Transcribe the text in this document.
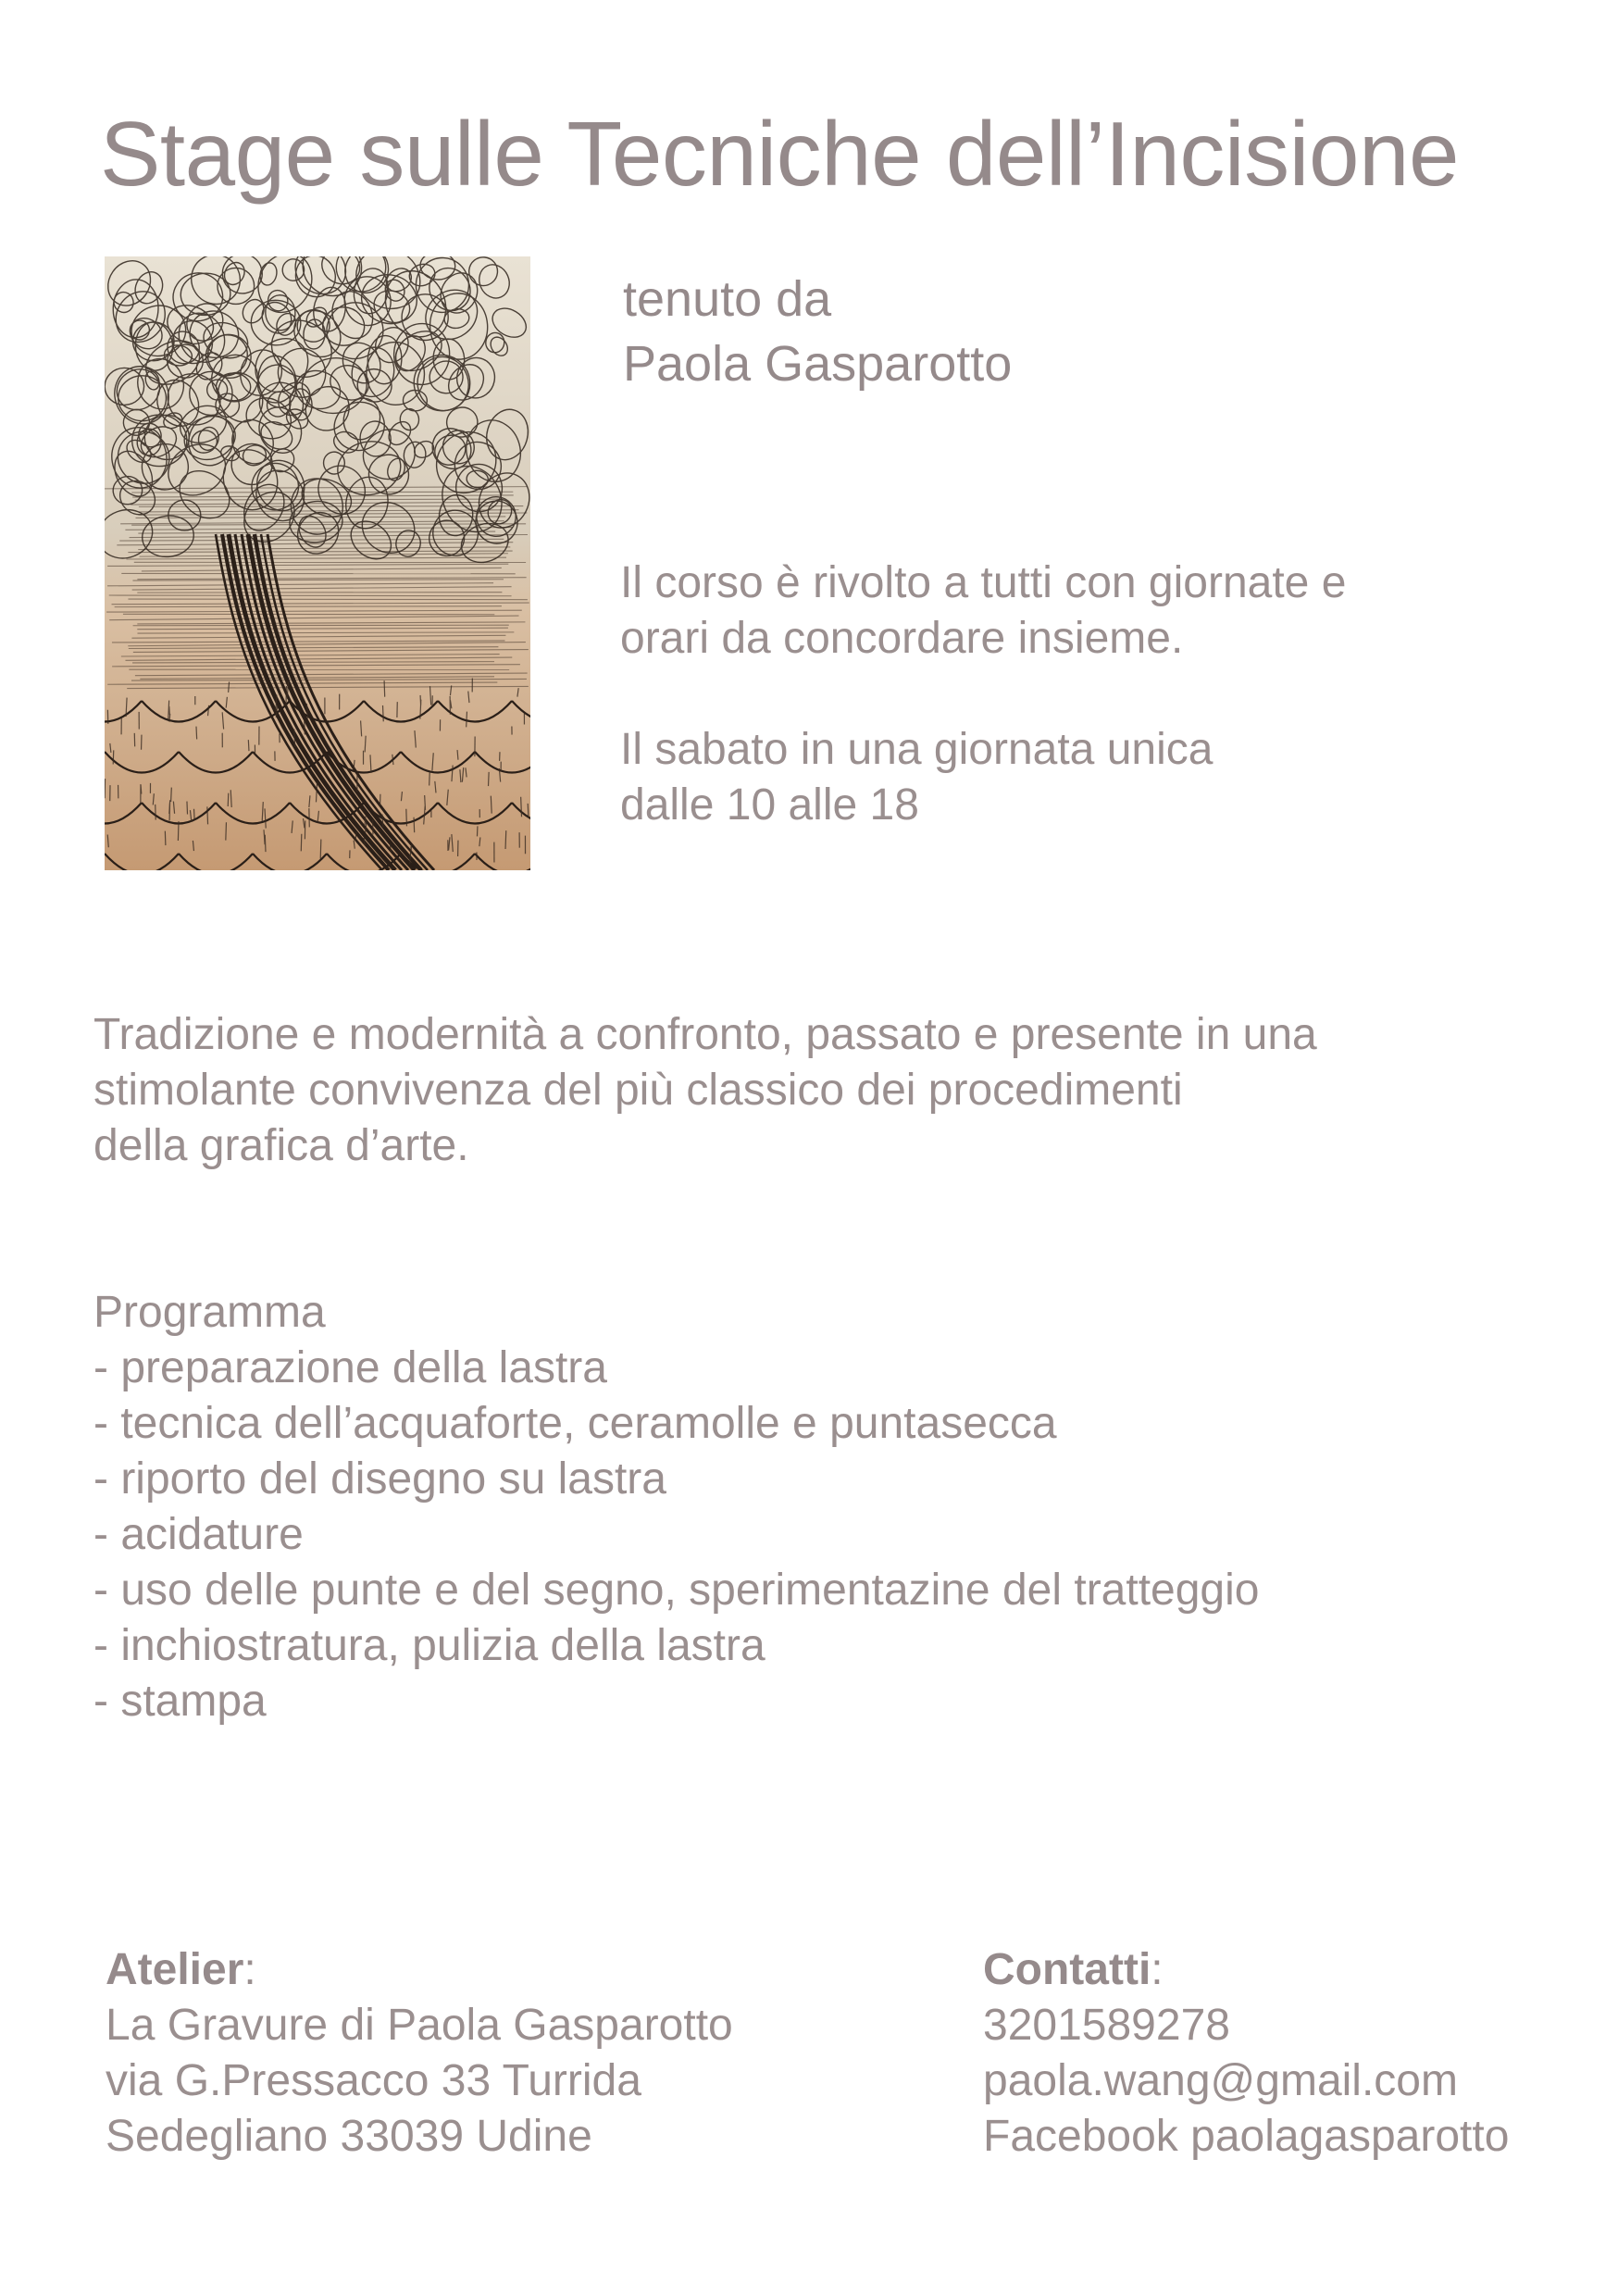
Stage sulle Tecniche dell’Incisione
tenuto da
Paola Gasparotto

Il corso è rivolto a tutti con giornate e
orari da concordare insieme.

Il sabato in una giornata unica
dalle 10 alle 18

Tradizione e modernità a confronto, passato e presente in una
stimolante convivenza del più classico dei procedimenti
della grafica d’arte.
Programma
- preparazione della lastra
- tecnica dell’acquaforte, ceramolle e puntasecca
- riporto del disegno su lastra
- acidature
- uso delle punte e del segno, sperimentazine del tratteggio
- inchiostratura, pulizia della lastra
- stampa
Atelier:
La Gravure di Paola Gasparotto
via G.Pressacco 33 Turrida
Sedegliano 33039 Udine
Contatti:
3201589278
paola.wang@gmail.com
Facebook paolagasparotto
